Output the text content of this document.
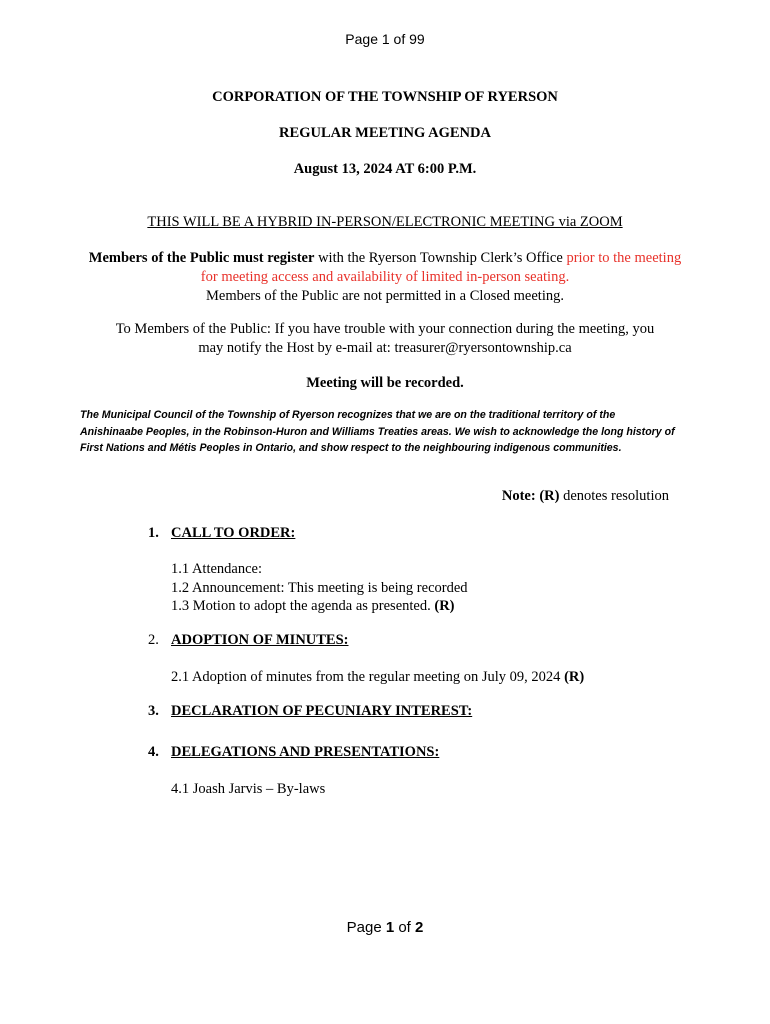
Page 1 of 99
CORPORATION OF THE TOWNSHIP OF RYERSON
REGULAR MEETING AGENDA
August 13, 2024 AT 6:00 P.M.
THIS WILL BE A HYBRID IN-PERSON/ELECTRONIC MEETING via ZOOM
Members of the Public must register with the Ryerson Township Clerk’s Office prior to the meeting for meeting access and availability of limited in-person seating.
Members of the Public are not permitted in a Closed meeting.
To Members of the Public: If you have trouble with your connection during the meeting, you
may notify the Host by e-mail at: treasurer@ryersontownship.ca
Meeting will be recorded.
The Municipal Council of the Township of Ryerson recognizes that we are on the traditional territory of the Anishinaabe Peoples, in the Robinson-Huron and Williams Treaties areas. We wish to acknowledge the long history of First Nations and Métis Peoples in Ontario, and show respect to the neighbouring indigenous communities.
Note: (R) denotes resolution
1. CALL TO ORDER:
1.1 Attendance:
1.2 Announcement: This meeting is being recorded
1.3 Motion to adopt the agenda as presented. (R)
2. ADOPTION OF MINUTES:
2.1 Adoption of minutes from the regular meeting on July 09, 2024 (R)
3. DECLARATION OF PECUNIARY INTEREST:
4. DELEGATIONS AND PRESENTATIONS:
4.1 Joash Jarvis – By-laws
Page 1 of 2
